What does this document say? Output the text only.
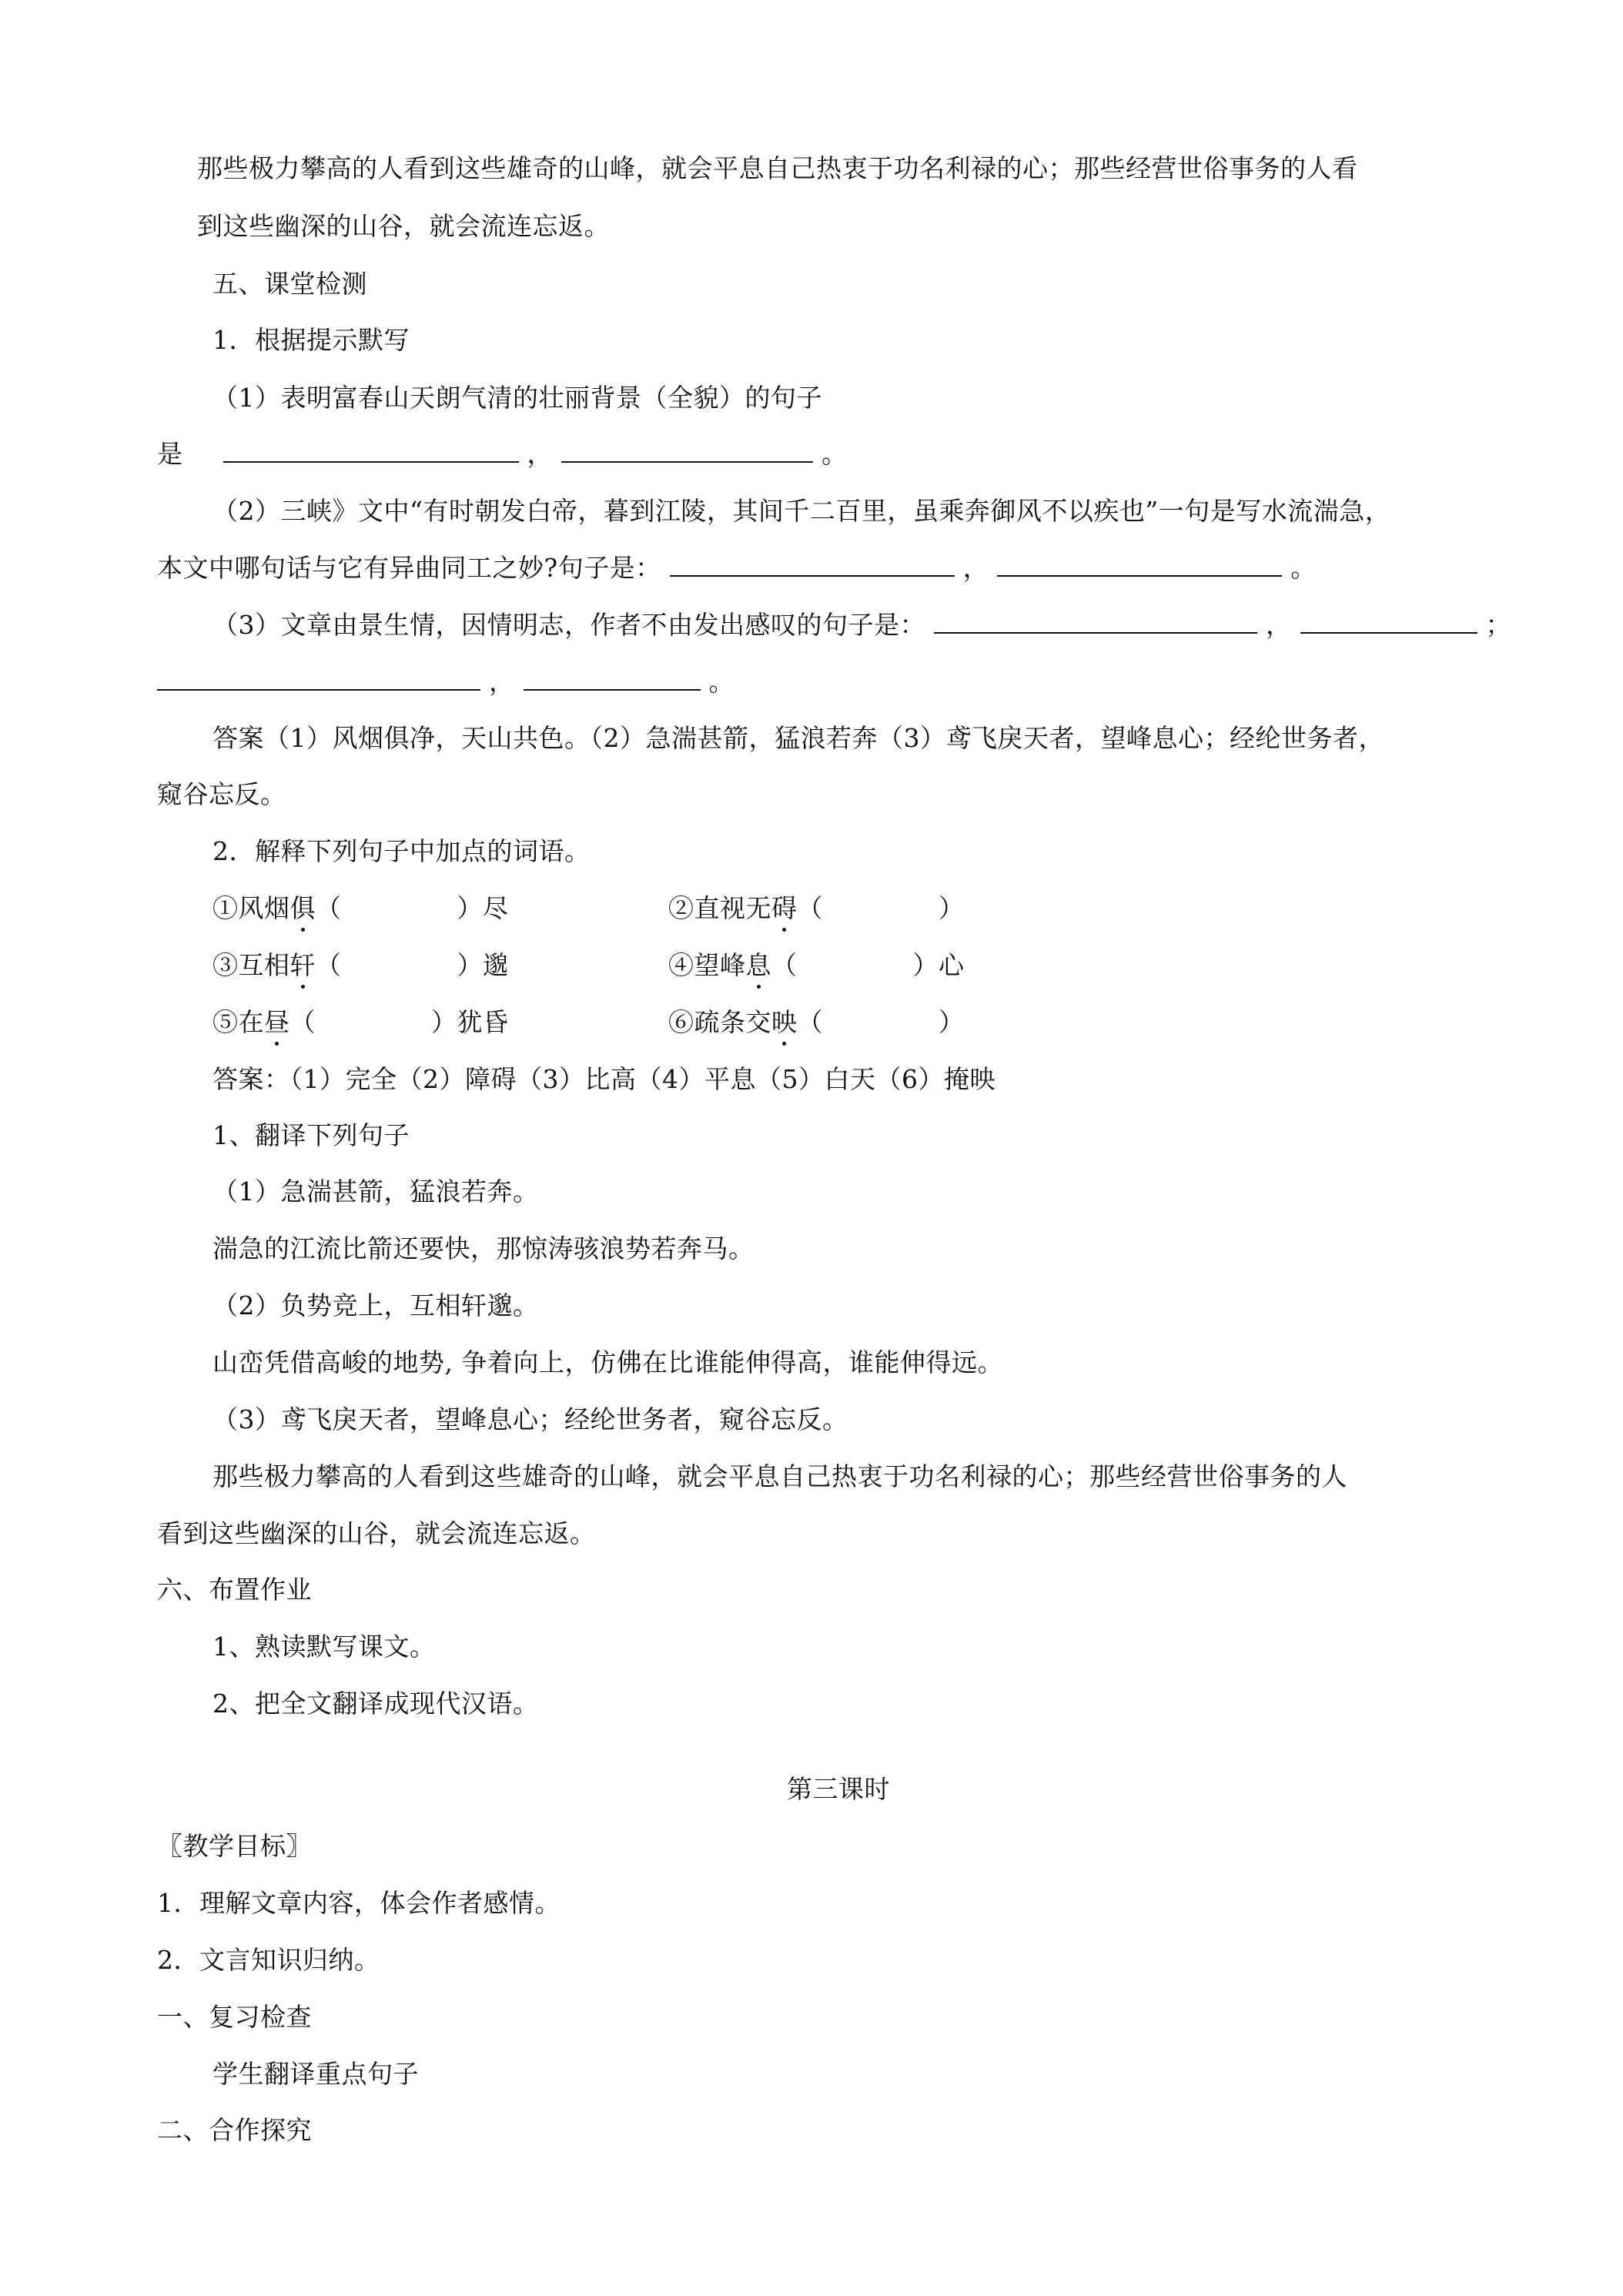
那些极力攀高的人看到这些雄奇的山峰，就会平息自己热衷于功名利禄的心；那些经营世俗事务的人看
到这些幽深的山谷，就会流连忘返。
五、课堂检测
1．根据提示默写
（1）表明富春山天朗气清的壮丽背景（全貌）的句子
是	，	。
（2）三峡》文中“有时朝发白帝，暮到江陵，其间千二百里，虽乘奔御风不以疾也”一句是写水流湍急，
本文中哪句话与它有异曲同工之妙?句子是：	，	。
（3）文章由景生情，因情明志，作者不由发出感叹的句子是：	，	；
，	。
答案（1）风烟俱净，天山共色。（2）急湍甚箭，猛浪若奔（3）鸢飞戾天者，望峰息心；经纶世务者，
窥谷忘反。
2．解释下列句子中加点的词语。
①风烟俱（	）尽	②直视无碍（	）
③互相轩（	）邈	④望峰息（	）心
⑤在昼（	）犹昏	⑥疏条交映（	）
答案：（1）完全（2）障碍（3）比高（4）平息（5）白天（6）掩映
1、翻译下列句子
（1）急湍甚箭，猛浪若奔。
湍急的江流比箭还要快，那惊涛骇浪势若奔马。
（2）负势竞上，互相轩邈。
山峦凭借高峻的地势, 争着向上，仿佛在比谁能伸得高，谁能伸得远。
（3）鸢飞戾天者，望峰息心；经纶世务者，窥谷忘反。
那些极力攀高的人看到这些雄奇的山峰，就会平息自己热衷于功名利禄的心；那些经营世俗事务的人
看到这些幽深的山谷，就会流连忘返。
六、布置作业
1、熟读默写课文。
2、把全文翻译成现代汉语。
第三课时
〖教学目标〗
1．理解文章内容，体会作者感情。
2．文言知识归纳。
一、复习检查
学生翻译重点句子
二、合作探究
